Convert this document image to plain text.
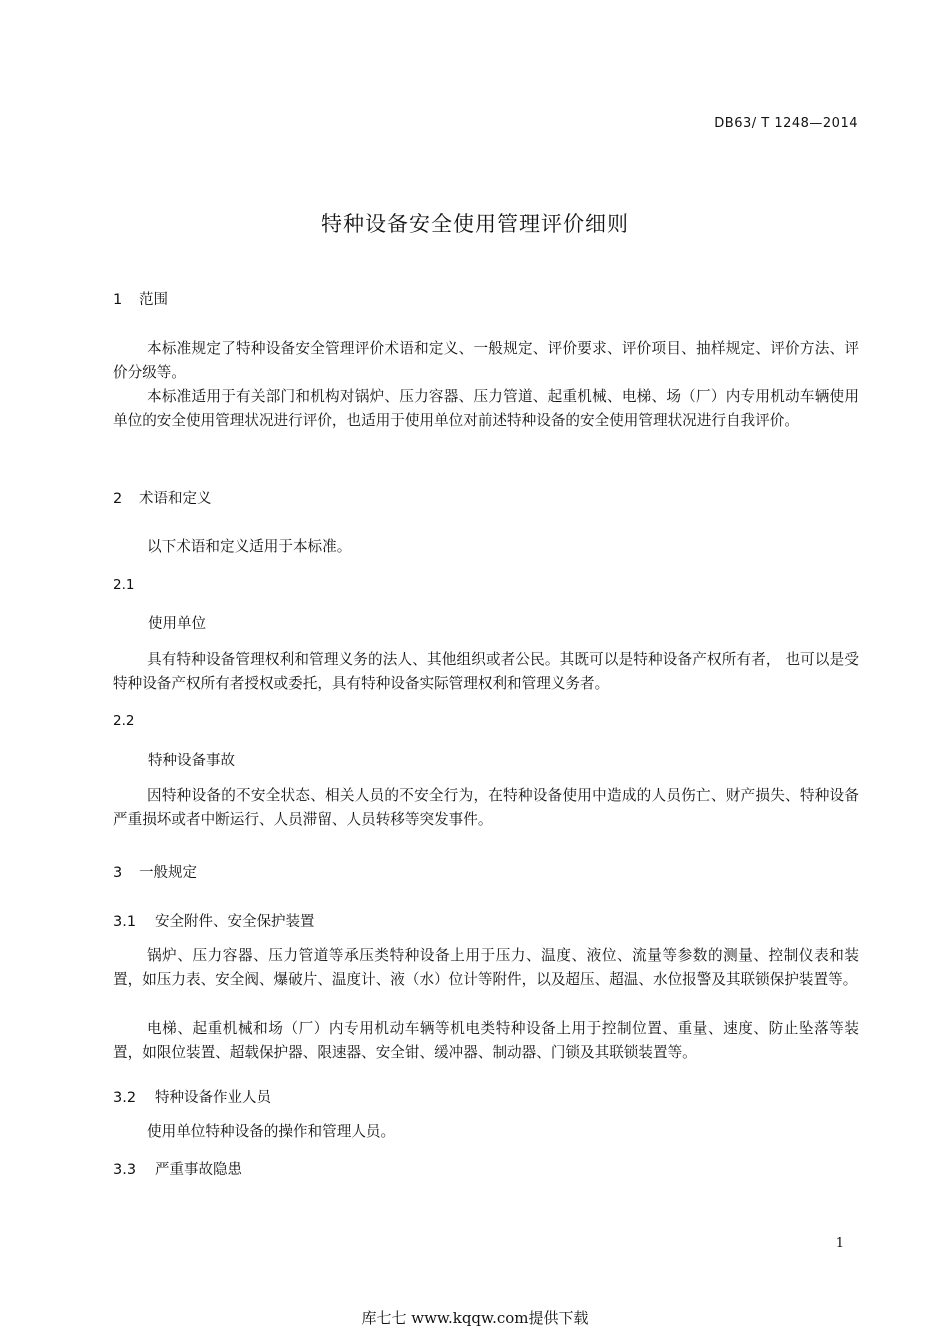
DB63/ T 1248—2014
特种设备安全使用管理评价细则
1 范围

本标准规定了特种设备安全管理评价术语和定义、一般规定、评价要求、评价项目、抽样规定、评价方法、评价分级等。

本标准适用于有关部门和机构对锅炉、压力容器、压力管道、起重机械、电梯、场（厂）内专用机动车辆使用单位的安全使用管理状况进行评价，也适用于使用单位对前述特种设备的安全使用管理状况进行自我评价。

2 术语和定义

以下术语和定义适用于本标准。

2.1
使用单位

具有特种设备管理权利和管理义务的法人、其他组织或者公民。其既可以是特种设备产权所有者， 也可以是受特种设备产权所有者授权或委托，具有特种设备实际管理权利和管理义务者。

2.2
特种设备事故

因特种设备的不安全状态、相关人员的不安全行为，在特种设备使用中造成的人员伤亡、财产损失、特种设备严重损坏或者中断运行、人员滞留、人员转移等突发事件。

3 一般规定
3.1 安全附件、安全保护装置

锅炉、压力容器、压力管道等承压类特种设备上用于压力、温度、液位、流量等参数的测量、控制仪表和装置，如压力表、安全阀、爆破片、温度计、液（水）位计等附件，以及超压、超温、水位报警及其联锁保护装置等。

电梯、起重机械和场（厂）内专用机动车辆等机电类特种设备上用于控制位置、重量、速度、防止坠落等装置，如限位装置、超载保护器、限速器、安全钳、缓冲器、制动器、门锁及其联锁装置等。

3.2 特种设备作业人员

使用单位特种设备的操作和管理人员。

3.3 严重事故隐患
1
库七七 www.kqqw.com提供下载
